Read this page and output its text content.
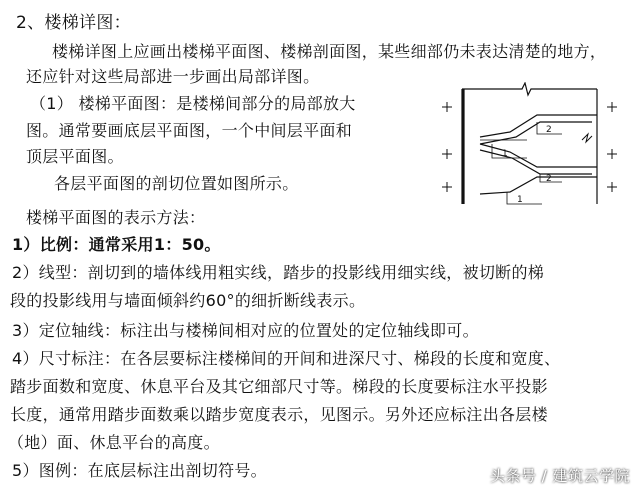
2、楼梯详图：
楼梯详图上应画出楼梯平面图、楼梯剖面图，某些细部仍未表达清楚的地方，
还应针对这些局部进一步画出局部详图。
（1） 楼梯平面图：是楼梯间部分的局部放大
图。通常要画底层平面图，一个中间层平面和
顶层平面图。
各层平面图的剖切位置如图所示。
楼梯平面图的表示方法：
1）比例：通常采用1：50。
2）线型：剖切到的墙体线用粗实线，踏步的投影线用细实线，被切断的梯
段的投影线用与墙面倾斜约60°的细折断线表示。
3）定位轴线：标注出与楼梯间相对应的位置处的定位轴线即可。
4）尺寸标注：在各层要标注楼梯间的开间和进深尺寸、梯段的长度和宽度、
踏步面数和宽度、休息平台及其它细部尺寸等。梯段的长度要标注水平投影
长度，通常用踏步面数乘以踏步宽度表示，见图示。另外还应标注出各层楼
（地）面、休息平台的高度。
5）图例：在底层标注出剖切符号。
2
1
2
1
头条号 / 建筑云学院
